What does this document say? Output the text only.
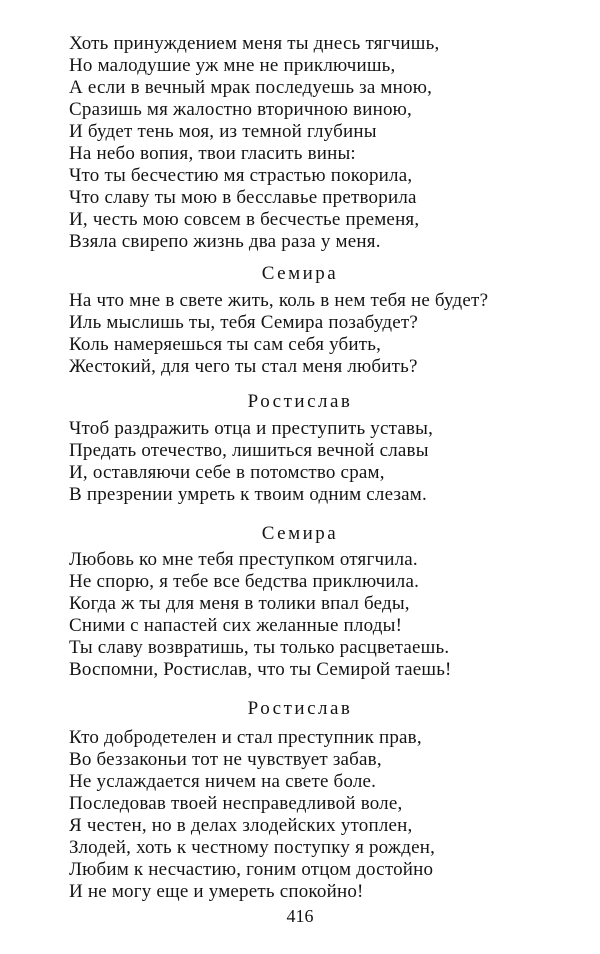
Хоть принуждением меня ты днесь тягчишь,
Но малодушие уж мне не приключишь,
А если в вечный мрак последуешь за мною,
Сразишь мя жалостно вторичною виною,
И будет тень моя, из темной глубины
На небо вопия, твои гласить вины:
Что ты бесчестию мя страстью покорила,
Что славу ты мою в бесславье претворила
И, честь мою совсем в бесчестье пременя,
Взяла свирепо жизнь два раза у меня.
Семира
На что мне в свете жить, коль в нем тебя не будет?
Иль мыслишь ты, тебя Семира позабудет?
Коль намеряешься ты сам себя убить,
Жестокий, для чего ты стал меня любить?
Ростислав
Чтоб раздражить отца и преступить уставы,
Предать отечество, лишиться вечной славы
И, оставляючи себе в потомство срам,
В презрении умреть к твоим одним слезам.
Семира
Любовь ко мне тебя преступком отягчила.
Не спорю, я тебе все бедства приключила.
Когда ж ты для меня в толики впал беды,
Сними с напастей сих желанные плоды!
Ты славу возвратишь, ты только расцветаешь.
Воспомни, Ростислав, что ты Семирой таешь!
Ростислав
Кто добродетелен и стал преступник прав,
Во беззаконьи тот не чувствует забав,
Не услаждается ничем на свете боле.
Последовав твоей несправедливой воле,
Я честен, но в делах злодейских утоплен,
Злодей, хоть к честному поступку я рожден,
Любим к несчастию, гоним отцом достойно
И не могу еще и умереть спокойно!
416
